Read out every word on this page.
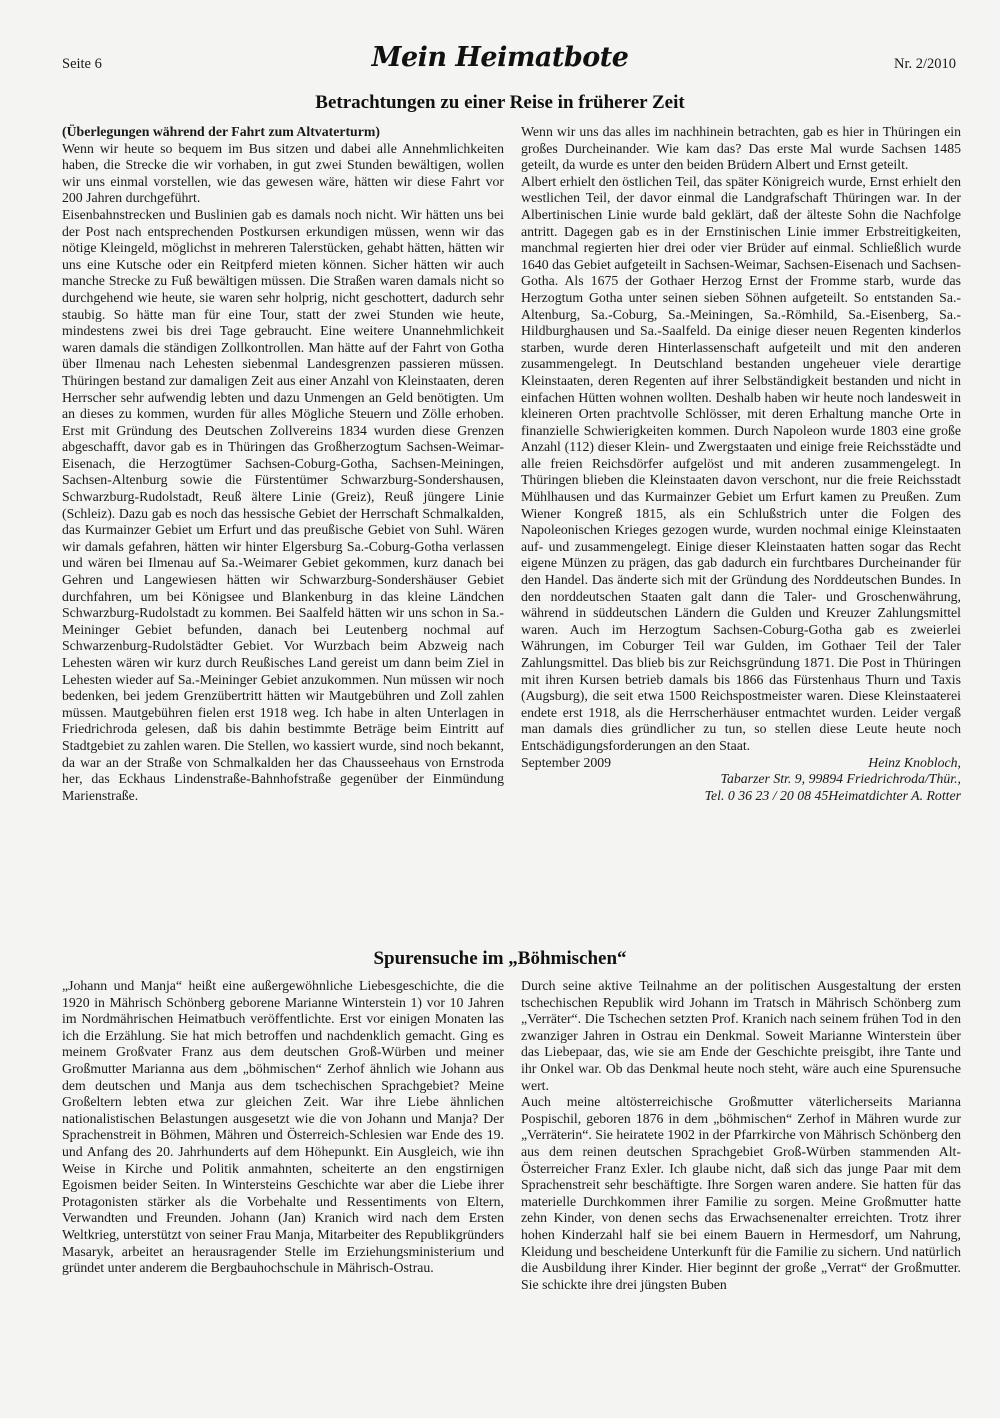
Seite 6	Mein Heimatbote	Nr. 2/2010
Betrachtungen zu einer Reise in früherer Zeit

(Überlegungen während der Fahrt zum Altvaterturm)

Wenn wir heute so bequem im Bus sitzen und dabei alle Annehmlichkeiten haben, die Strecke die wir vorhaben, in gut zwei Stunden bewältigen, wollen wir uns einmal vorstellen, wie das gewesen wäre, hätten wir diese Fahrt vor 200 Jahren durchgeführt.

Eisenbahnstrecken und Buslinien gab es damals noch nicht. Wir hätten uns bei der Post nach entsprechenden Postkursen erkundigen müssen, wenn wir das nötige Kleingeld, möglichst in mehreren Talerstücken, gehabt hätten, hätten wir uns eine Kutsche oder ein Reitpferd mieten können. Sicher hätten wir auch manche Strecke zu Fuß bewältigen müssen. Die Straßen waren damals nicht so durchgehend wie heute, sie waren sehr holprig, nicht geschottert, dadurch sehr staubig. So hätte man für eine Tour, statt der zwei Stunden wie heute, mindestens zwei bis drei Tage gebraucht. Eine weitere Unannehmlichkeit waren damals die ständigen Zollkontrollen. Man hätte auf der Fahrt von Gotha über Ilmenau nach Lehesten siebenmal Landesgrenzen passieren müssen. Thüringen bestand zur damaligen Zeit aus einer Anzahl von Kleinstaaten, deren Herrscher sehr aufwendig lebten und dazu Unmengen an Geld benötigten. Um an dieses zu kommen, wurden für alles Mögliche Steuern und Zölle erhoben. Erst mit Gründung des Deutschen Zollvereins 1834 wurden diese Grenzen abgeschafft, davor gab es in Thüringen das Großherzogtum Sachsen-Weimar-Eisenach, die Herzogtümer Sachsen-Coburg-Gotha, Sachsen-Meiningen, Sachsen-Altenburg sowie die Fürstentümer Schwarzburg-Sondershausen, Schwarzburg-Rudolstadt, Reuß ältere Linie (Greiz), Reuß jüngere Linie (Schleiz). Dazu gab es noch das hessische Gebiet der Herrschaft Schmalkalden, das Kurmainzer Gebiet um Erfurt und das preußische Gebiet von Suhl. Wären wir damals gefahren, hätten wir hinter Elgersburg Sa.-Coburg-Gotha verlassen und wären bei Ilmenau auf Sa.-Weimarer Gebiet gekommen, kurz danach bei Gehren und Langewiesen hätten wir Schwarzburg-Sondershäuser Gebiet durchfahren, um bei Königsee und Blankenburg in das kleine Ländchen Schwarzburg-Rudolstadt zu kommen. Bei Saalfeld hätten wir uns schon in Sa.-Meininger Gebiet befunden, danach bei Leutenberg nochmal auf Schwarzenburg-Rudolstädter Gebiet. Vor Wurzbach beim Abzweig nach Lehesten wären wir kurz durch Reußisches Land gereist um dann beim Ziel in Lehesten wieder auf Sa.-Meininger Gebiet anzukommen. Nun müssen wir noch bedenken, bei jedem Grenzübertritt hätten wir Mautgebühren und Zoll zahlen müssen. Mautgebühren fielen erst 1918 weg. Ich habe in alten Unterlagen in Friedrichroda gelesen, daß bis dahin bestimmte Beträge beim Eintritt auf Stadtgebiet zu zahlen waren. Die Stellen, wo kassiert wurde, sind noch bekannt, da war an der Straße von Schmalkalden her das Chausseehaus von Ernstroda her, das Eckhaus Lindenstraße-Bahnhofstraße gegenüber der Einmündung Marienstraße.

Wenn wir uns das alles im nachhinein betrachten, gab es hier in Thüringen ein großes Durcheinander. Wie kam das? Das erste Mal wurde Sachsen 1485 geteilt, da wurde es unter den beiden Brüdern Albert und Ernst geteilt.

Albert erhielt den östlichen Teil, das später Königreich wurde, Ernst erhielt den westlichen Teil, der davor einmal die Landgrafschaft Thüringen war. In der Albertinischen Linie wurde bald geklärt, daß der älteste Sohn die Nachfolge antritt. Dagegen gab es in der Ernstinischen Linie immer Erbstreitigkeiten, manchmal regierten hier drei oder vier Brüder auf einmal. Schließlich wurde 1640 das Gebiet aufgeteilt in Sachsen-Weimar, Sachsen-Eisenach und Sachsen-Gotha. Als 1675 der Gothaer Herzog Ernst der Fromme starb, wurde das Herzogtum Gotha unter seinen sieben Söhnen aufgeteilt. So entstanden Sa.-Altenburg, Sa.-Coburg, Sa.-Meiningen, Sa.-Römhild, Sa.-Eisenberg, Sa.-Hildburghausen und Sa.-Saalfeld. Da einige dieser neuen Regenten kinderlos starben, wurde deren Hinterlassenschaft aufgeteilt und mit den anderen zusammengelegt. In Deutschland bestanden ungeheuer viele derartige Kleinstaaten, deren Regenten auf ihrer Selbständigkeit bestanden und nicht in einfachen Hütten wohnen wollten. Deshalb haben wir heute noch landesweit in kleineren Orten prachtvolle Schlösser, mit deren Erhaltung manche Orte in finanzielle Schwierigkeiten kommen. Durch Napoleon wurde 1803 eine große Anzahl (112) dieser Klein- und Zwergstaaten und einige freie Reichsstädte und alle freien Reichsdörfer aufgelöst und mit anderen zusammengelegt. In Thüringen blieben die Kleinstaaten davon verschont, nur die freie Reichsstadt Mühlhausen und das Kurmainzer Gebiet um Erfurt kamen zu Preußen. Zum Wiener Kongreß 1815, als ein Schlußstrich unter die Folgen des Napoleonischen Krieges gezogen wurde, wurden nochmal einige Kleinstaaten auf- und zusammengelegt. Einige dieser Kleinstaaten hatten sogar das Recht eigene Münzen zu prägen, das gab dadurch ein furchtbares Durcheinander für den Handel. Das änderte sich mit der Gründung des Norddeutschen Bundes. In den norddeutschen Staaten galt dann die Taler- und Groschenwährung, während in süddeutschen Ländern die Gulden und Kreuzer Zahlungsmittel waren. Auch im Herzogtum Sachsen-Coburg-Gotha gab es zweierlei Währungen, im Coburger Teil war Gulden, im Gothaer Teil der Taler Zahlungsmittel. Das blieb bis zur Reichsgründung 1871. Die Post in Thüringen mit ihren Kursen betrieb damals bis 1866 das Fürstenhaus Thurn und Taxis (Augsburg), die seit etwa 1500 Reichspostmeister waren. Diese Kleinstaaterei endete erst 1918, als die Herrscherhäuser entmachtet wurden. Leider vergaß man damals dies gründlicher zu tun, so stellen diese Leute heute noch Entschädigungsforderungen an den Staat.

September 2009	Heinz Knobloch,
Tabarzer Str. 9, 99894 Friedrichroda/Thür.,
Tel. 0 36 23 / 20 08 45Heimatdichter A. Rotter
Spurensuche im „Böhmischen“

„Johann und Manja“ heißt eine außergewöhnliche Liebesgeschichte, die die 1920 in Mährisch Schönberg geborene Marianne Winterstein 1) vor 10 Jahren im Nordmährischen Heimatbuch veröffentlichte. Erst vor einigen Monaten las ich die Erzählung. Sie hat mich betroffen und nachdenklich gemacht. Ging es meinem Großvater Franz aus dem deutschen Groß-Würben und meiner Großmutter Marianna aus dem „böhmischen“ Zerhof ähnlich wie Johann aus dem deutschen und Manja aus dem tschechischen Sprachgebiet? Meine Großeltern lebten etwa zur gleichen Zeit. War ihre Liebe ähnlichen nationalistischen Belastungen ausgesetzt wie die von Johann und Manja? Der Sprachenstreit in Böhmen, Mähren und Österreich-Schlesien war Ende des 19. und Anfang des 20. Jahrhunderts auf dem Höhepunkt. Ein Ausgleich, wie ihn Weise in Kirche und Politik anmahnten, scheiterte an den engstirnigen Egoismen beider Seiten. In Wintersteins Geschichte war aber die Liebe ihrer Protagonisten stärker als die Vorbehalte und Ressentiments von Eltern, Verwandten und Freunden. Johann (Jan) Kranich wird nach dem Ersten Weltkrieg, unterstützt von seiner Frau Manja, Mitarbeiter des Republikgründers Masaryk, arbeitet an herausragender Stelle im Erziehungsministerium und gründet unter anderem die Bergbauhochschule in Mährisch-Ostrau.

Durch seine aktive Teilnahme an der politischen Ausgestaltung der ersten tschechischen Republik wird Johann im Tratsch in Mährisch Schönberg zum „Verräter“. Die Tschechen setzten Prof. Kranich nach seinem frühen Tod in den zwanziger Jahren in Ostrau ein Denkmal. Soweit Marianne Winterstein über das Liebepaar, das, wie sie am Ende der Geschichte preisgibt, ihre Tante und ihr Onkel war. Ob das Denkmal heute noch steht, wäre auch eine Spurensuche wert.

Auch meine altösterreichische Großmutter väterlicherseits Marianna Pospischil, geboren 1876 in dem „böhmischen“ Zerhof in Mähren wurde zur „Verräterin“. Sie heiratete 1902 in der Pfarrkirche von Mährisch Schönberg den aus dem reinen deutschen Sprachgebiet Groß-Würben stammenden Alt-Österreicher Franz Exler. Ich glaube nicht, daß sich das junge Paar mit dem Sprachenstreit sehr beschäftigte. Ihre Sorgen waren andere. Sie hatten für das materielle Durchkommen ihrer Familie zu sorgen. Meine Großmutter hatte zehn Kinder, von denen sechs das Erwachsenenalter erreichten. Trotz ihrer hohen Kinderzahl half sie bei einem Bauern in Hermesdorf, um Nahrung, Kleidung und bescheidene Unterkunft für die Familie zu sichern. Und natürlich die Ausbildung ihrer Kinder. Hier beginnt der große „Verrat“ der Großmutter. Sie schickte ihre drei jüngsten Buben
